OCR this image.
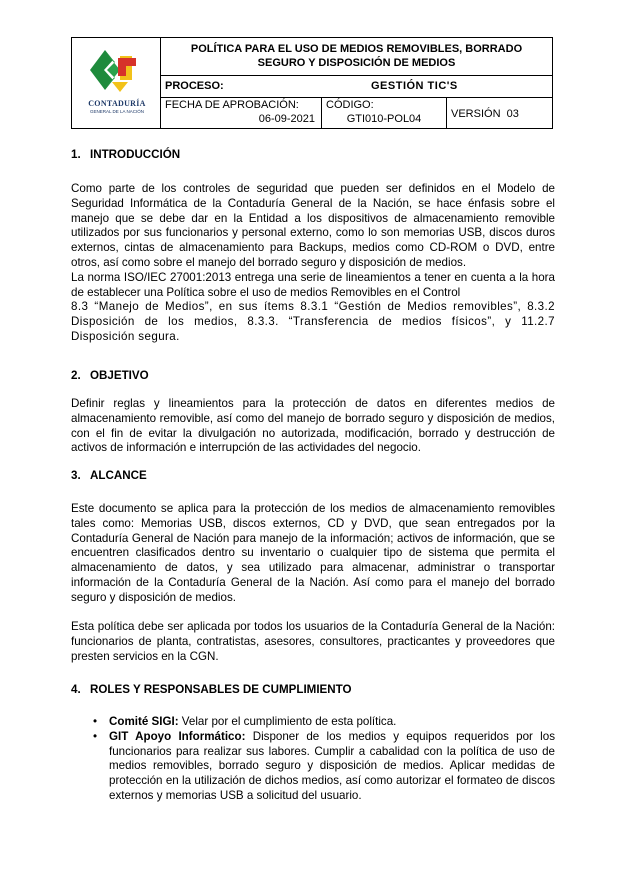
CONTADURÍA
GENERAL DE LA NACIÓN
POLÍTICA PARA EL USO DE MEDIOS REMOVIBLES, BORRADO
SEGURO Y DISPOSICIÓN DE MEDIOS
PROCESO:	GESTIÓN TIC'S
FECHA DE APROBACIÓN:
06-09-2021
CÓDIGO:
GTI010-POL04	VERSIÓN  03
1. INTRODUCCIÓN

Como parte de los controles de seguridad que pueden ser definidos en el Modelo de Seguridad Informática de la Contaduría General de la Nación, se hace énfasis sobre el manejo que se debe dar en la Entidad a los dispositivos de almacenamiento removible utilizados por sus funcionarios y personal externo, como lo son memorias USB, discos duros externos, cintas de almacenamiento para Backups, medios como CD-ROM o DVD, entre otros, así como sobre el manejo del borrado seguro y disposición de medios.

La norma ISO/IEC 27001:2013 entrega una serie de lineamientos a tener en cuenta a la hora de establecer una Política sobre el uso de medios Removibles en el Control

8.3 “Manejo de Medios”, en sus ítems 8.3.1 “Gestión de Medios removibles”, 8.3.2 Disposición de los medios, 8.3.3. “Transferencia de medios físicos”, y 11.2.7 Disposición segura.

2. OBJETIVO

Definir reglas y lineamientos para la protección de datos en diferentes medios de almacenamiento removible, así como del manejo de borrado seguro y disposición de medios, con el fin de evitar la divulgación no autorizada, modificación, borrado y destrucción de activos de información e interrupción de las actividades del negocio.

3. ALCANCE

Este documento se aplica para la protección de los medios de almacenamiento removibles tales como: Memorias USB, discos externos, CD y DVD, que sean entregados por la Contaduría General de Nación para manejo de la información; activos de información, que se encuentren clasificados dentro su inventario o cualquier tipo de sistema que permita el almacenamiento de datos, y sea utilizado para almacenar, administrar o transportar información de la Contaduría General de la Nación. Así como para el manejo del borrado seguro y disposición de medios.

Esta política debe ser aplicada por todos los usuarios de la Contaduría General de la Nación: funcionarios de planta, contratistas, asesores, consultores, practicantes y proveedores que presten servicios en la CGN.

4. ROLES Y RESPONSABLES DE CUMPLIMIENTO
• Comité SIGI: Velar por el cumplimiento de esta política.
• GIT Apoyo Informático: Disponer de los medios y equipos requeridos por los funcionarios para realizar sus labores. Cumplir a cabalidad con la política de uso de medios removibles, borrado seguro y disposición de medios. Aplicar medidas de protección en la utilización de dichos medios, así como autorizar el formateo de discos externos y memorias USB a solicitud del usuario.
